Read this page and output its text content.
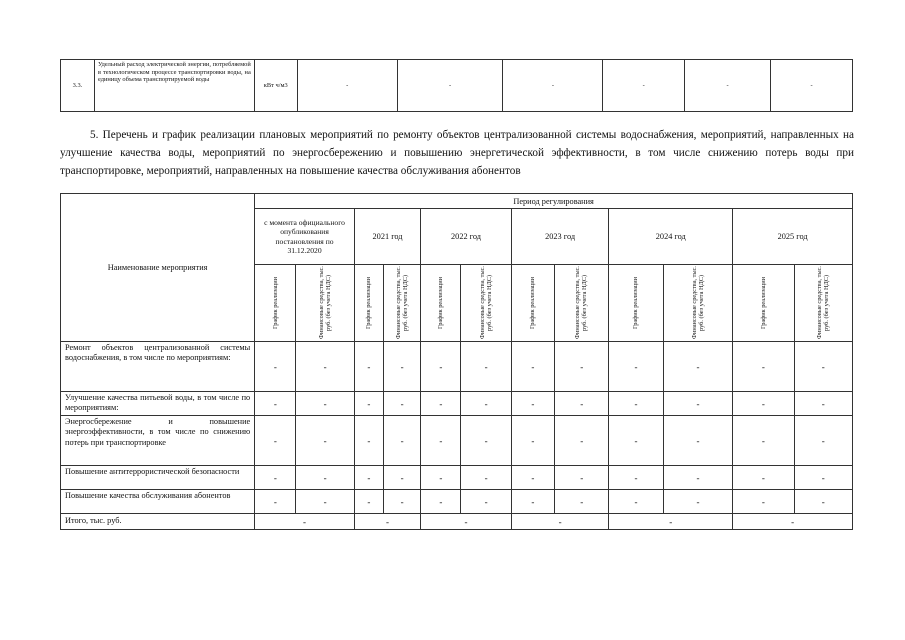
3.3.	Удельный расход электрической энергии, потребляемой в технологическом процессе транспортировки воды, на единицу объема транспортируемой воды	кВт ч/м3	-	-	-	-	-	-

5. Перечень и график реализации плановых мероприятий по ремонту объектов централизованной системы водоснабжения, мероприятий, направленных на улучшение качества воды, мероприятий по энергосбережению и повышению энергетической эффективности, в том числе снижению потерь воды при транспортировке, мероприятий, направленных на повышение качества обслуживания абонентов

Наименование мероприятия	Период регулирования											
	с момента официального опубликования постановления по 31.12.2020		2021 год		2022 год		2023 год		2024 год		2025 год	

	График реализации	Финансовые средства, тыс. руб. (без учета НДС)	График реализации	Финансовые средства, тыс. руб. (без учета НДС)	График реализации	Финансовые средства, тыс. руб. (без учета НДС)	График реализации	Финансовые средства, тыс. руб. (без учета НДС)	График реализации	Финансовые средства, тыс. руб. (без учета НДС)	График реализации	Финансовые средства, тыс. руб. (без учета НДС)

Ремонт объектов централизованной системы водоснабжения, в том числе по мероприятиям:	-	-	-	-	-	-	-	-	-	-	-	-
Улучшение качества питьевой воды, в том числе по мероприятиям:	-	-	-	-	-	-	-	-	-	-	-	-
Энергосбережение и повышение энергоэффективности, в том числе по снижению потерь при транспортировке	-	-	-	-	-	-	-	-	-	-	-	-
Повышение антитеррористической безопасности	-	-	-	-	-	-	-	-	-	-	-	-
Повышение качества обслуживания абонентов	-	-	-	-	-	-	-	-	-	-	-	-
Итого, тыс. руб.	-		-		-		-		-		-	
